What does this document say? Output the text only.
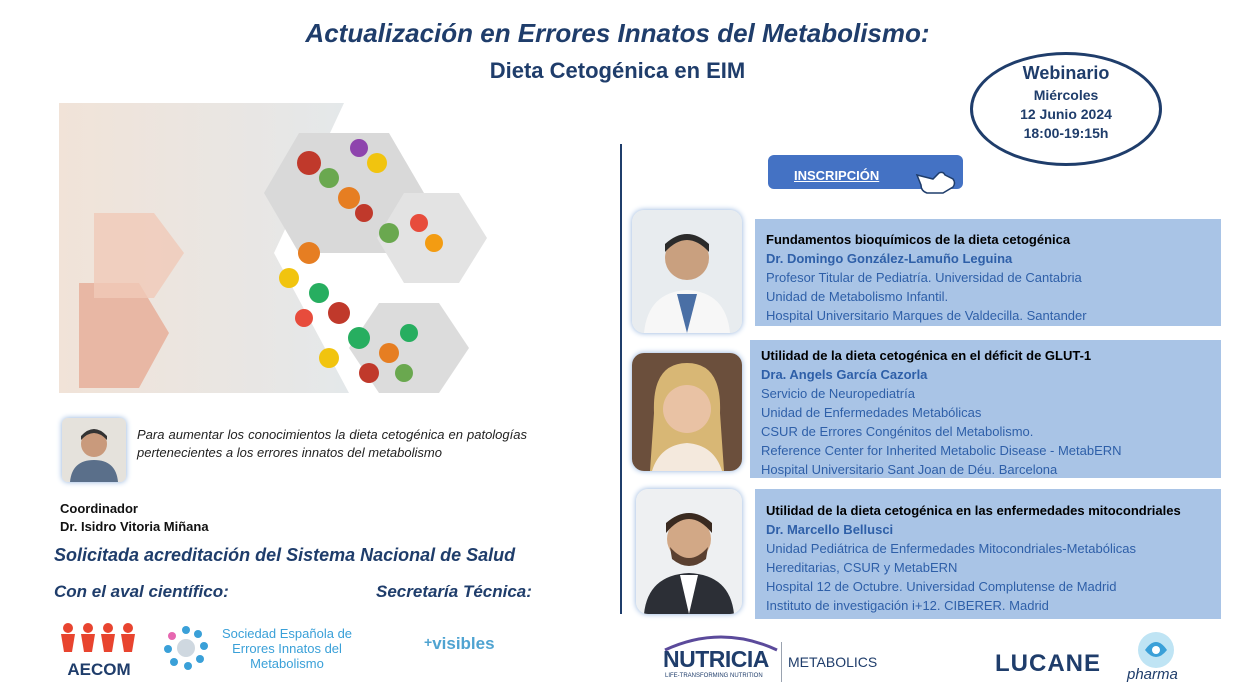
Actualización en Errores Innatos del Metabolismo:
Dieta Cetogénica en EIM	Webinario
Miércoles
12 Junio 2024
18:00-19:15h
Para aumentar los conocimientos la dieta cetogénica en patologías pertenecientes a los errores innatos del metabolismo
Coordinador
Dr. Isidro Vitoria Miñana
Solicitada acreditación del Sistema Nacional de Salud
Con el aval científico:	Secretaría Técnica:
INSCRIPCIÓN
Fundamentos bioquímicos de la dieta cetogénica
Dr. Domingo González-Lamuño Leguina
Profesor Titular de Pediatría. Universidad de Cantabria
Unidad de Metabolismo Infantil.
Hospital Universitario Marques de Valdecilla. Santander
Utilidad de la dieta cetogénica en el déficit de GLUT-1
Dra. Angels García Cazorla
Servicio de Neuropediatría
Unidad de Enfermedades Metabólicas
CSUR de Errores Congénitos del Metabolismo.
Reference Center for Inherited Metabolic Disease - MetabERN
Hospital Universitario Sant Joan de Déu. Barcelona
Utilidad de la dieta cetogénica en las enfermedades mitocondriales
Dr. Marcello Bellusci
Unidad Pediátrica de Enfermedades Mitocondriales-Metabólicas
Hereditarias, CSUR y MetabERN
Hospital 12 de Octubre. Universidad Complutense de Madrid
Instituto de investigación i+12. CIBERER. Madrid
AECOM
Sociedad Española de
Errores Innatos del
Metabolismo
+visibles
NUTRICIA
LIFE-TRANSFORMING NUTRITION
METABOLICS	LUCANE pharma
